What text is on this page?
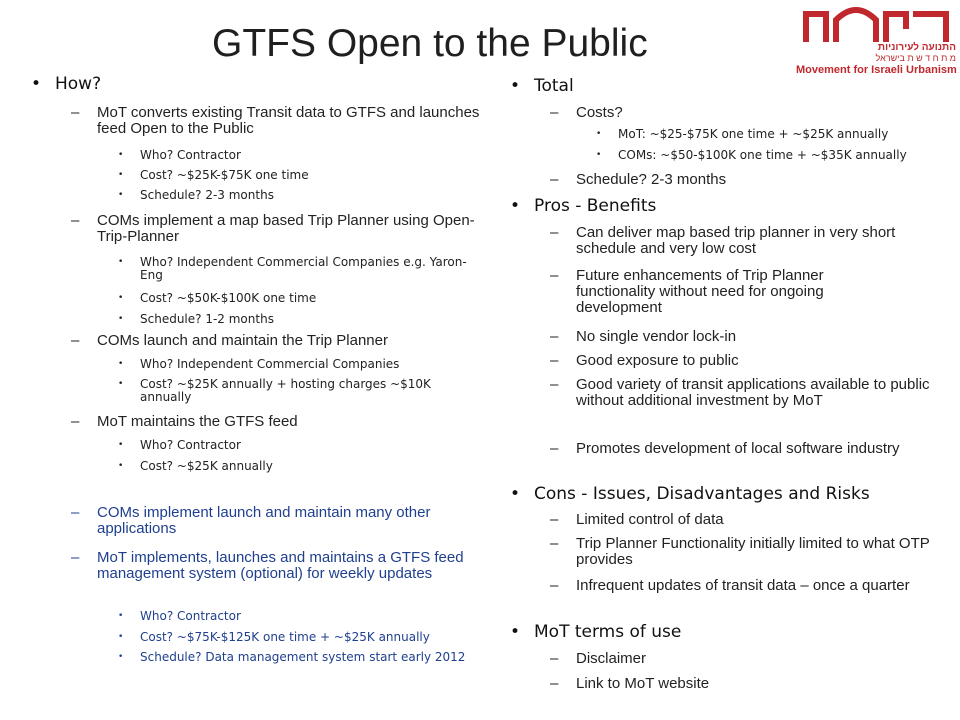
GTFS Open to the Public	התנועה לעירוניות
מ ת ח ד ש ת בישראל
Movement for Israeli Urbanism
• How?
– MoT converts existing Transit data to GTFS and launches feed Open to the Public
• Who? Contractor
• Cost? ~$25K-$75K one time
• Schedule? 2-3 months
– COMs implement a map based Trip Planner using Open-Trip-Planner
• Who? Independent Commercial Companies e.g. Yaron-Eng
• Cost? ~$50K-$100K one time
• Schedule? 1-2 months
– COMs launch and maintain the Trip Planner
• Who? Independent Commercial Companies
• Cost? ~$25K annually + hosting charges ~$10K annually
– MoT maintains the GTFS feed
• Who? Contractor
• Cost? ~$25K annually
– COMs implement launch and maintain many other applications
– MoT implements, launches and maintains a GTFS feed management system (optional) for weekly updates
• Who? Contractor
• Cost? ~$75K-$125K one time + ~$25K annually
• Schedule? Data management system start early 2012
• Total
– Costs?
• MoT: ~$25-$75K one time + ~$25K annually
• COMs: ~$50-$100K one time + ~$35K annually
– Schedule? 2-3 months
• Pros - Benefits
– Can deliver map based trip planner in very short schedule and very low cost
– Future enhancements of Trip Planner functionality without need for ongoing development
– No single vendor lock-in
– Good exposure to public
– Good variety of transit applications available to public without additional investment by MoT
– Promotes development of local software industry
• Cons - Issues, Disadvantages and Risks
– Limited control of data
– Trip Planner Functionality initially limited to what OTP provides
– Infrequent updates of transit data – once a quarter
• MoT terms of use
– Disclaimer
– Link to MoT website
